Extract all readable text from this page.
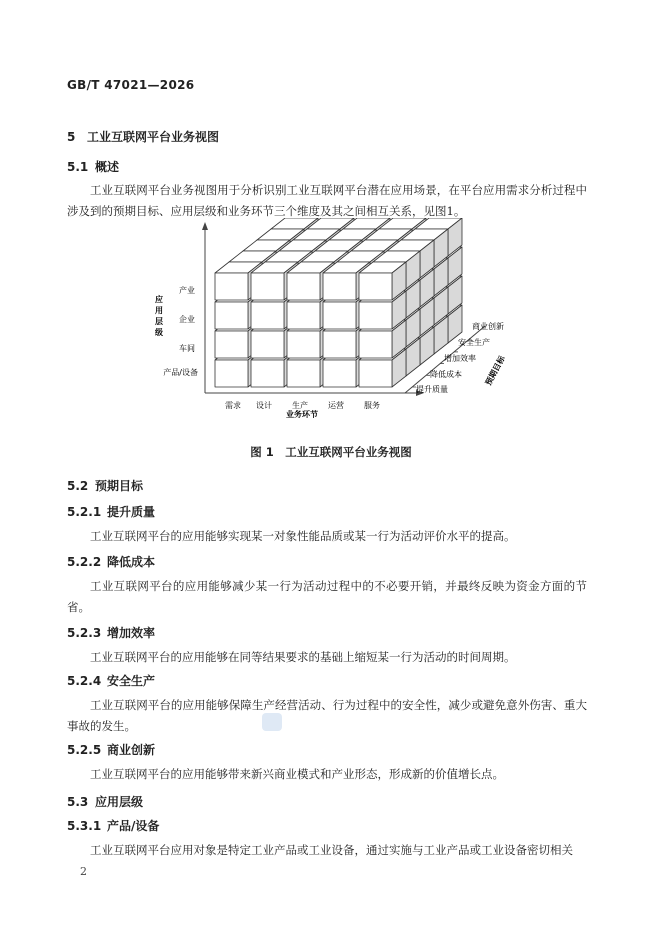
GB/T 47021—2026
5 工业互联网平台业务视图
5.1 概述
工业互联网平台业务视图用于分析识别工业互联网平台潜在应用场景，在平台应用需求分析过程中涉及到的预期目标、应用层级和业务环节三个维度及其之间相互关系，见图1。
应
用
层
级
产业
企业
车间
产品/设备
需求 设计	生产	运营	服务
业务环节
提升质量
降低成本
增加效率
安全生产
商业创新
预期目标
图 1　工业互联网平台业务视图
5.2 预期目标
5.2.1 提升质量
工业互联网平台的应用能够实现某一对象性能品质或某一行为活动评价水平的提高。
5.2.2 降低成本
工业互联网平台的应用能够减少某一行为活动过程中的不必要开销，并最终反映为资金方面的节省。
5.2.3 增加效率
工业互联网平台的应用能够在同等结果要求的基础上缩短某一行为活动的时间周期。
5.2.4 安全生产
工业互联网平台的应用能够保障生产经营活动、行为过程中的安全性，减少或避免意外伤害、重大事故的发生。
5.2.5 商业创新
工业互联网平台的应用能够带来新兴商业模式和产业形态，形成新的价值增长点。
5.3 应用层级
5.3.1 产品/设备
工业互联网平台应用对象是特定工业产品或工业设备，通过实施与工业产品或工业设备密切相关
2
